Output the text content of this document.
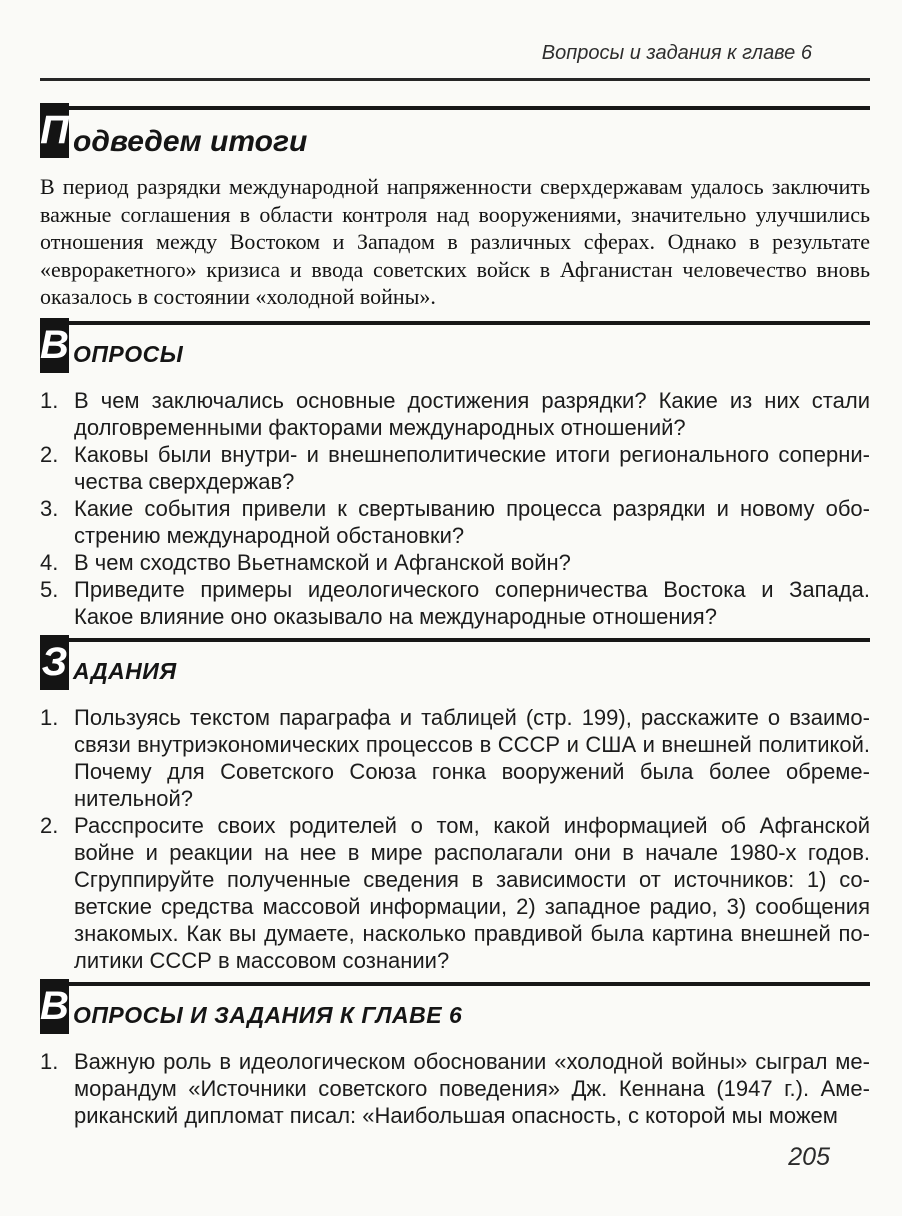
Вопросы и задания к главе 6
П одведем итоги

В период разрядки международной напряженности сверхдержавам удалось заключить важные соглашения в области контроля над вооружениями, значительно улучшились отношения между Востоком и Западом в различных сферах. Однако в результате «евроракетного» кризиса и ввода советских войск в Афганистан человечество вновь оказалось в состоянии «холодной войны».

В ОПРОСЫ
1. В чем заключались основные достижения разрядки? Какие из них стали долговременными факторами международных отношений?
2. Каковы были внутри- и внешнеполитические итоги регионального соперничества сверхдержав?
3. Какие события привели к свертыванию процесса разрядки и новому обострению международной обстановки?
4. В чем сходство Вьетнамской и Афганской войн?
5. Приведите примеры идеологического соперничества Востока и Запада. Какое влияние оно оказывало на международные отношения?
З АДАНИЯ
1. Пользуясь текстом параграфа и таблицей (стр. 199), расскажите о взаимосвязи внутриэкономических процессов в СССР и США и внешней политикой. Почему для Советского Союза гонка вооружений была более обременительной?
2. Расспросите своих родителей о том, какой информацией об Афганской войне и реакции на нее в мире располагали они в начале 1980-х годов. Сгруппируйте полученные сведения в зависимости от источников: 1) советские средства массовой информации, 2) западное радио, 3) сообщения знакомых. Как вы думаете, насколько правдивой была картина внешней политики СССР в массовом сознании?
В ОПРОСЫ И ЗАДАНИЯ К ГЛАВЕ 6
1. Важную роль в идеологическом обосновании «холодной войны» сыграл меморандум «Источники советского поведения» Дж. Кеннана (1947 г.). Американский дипломат писал: «Наибольшая опасность, с которой мы можем
205
